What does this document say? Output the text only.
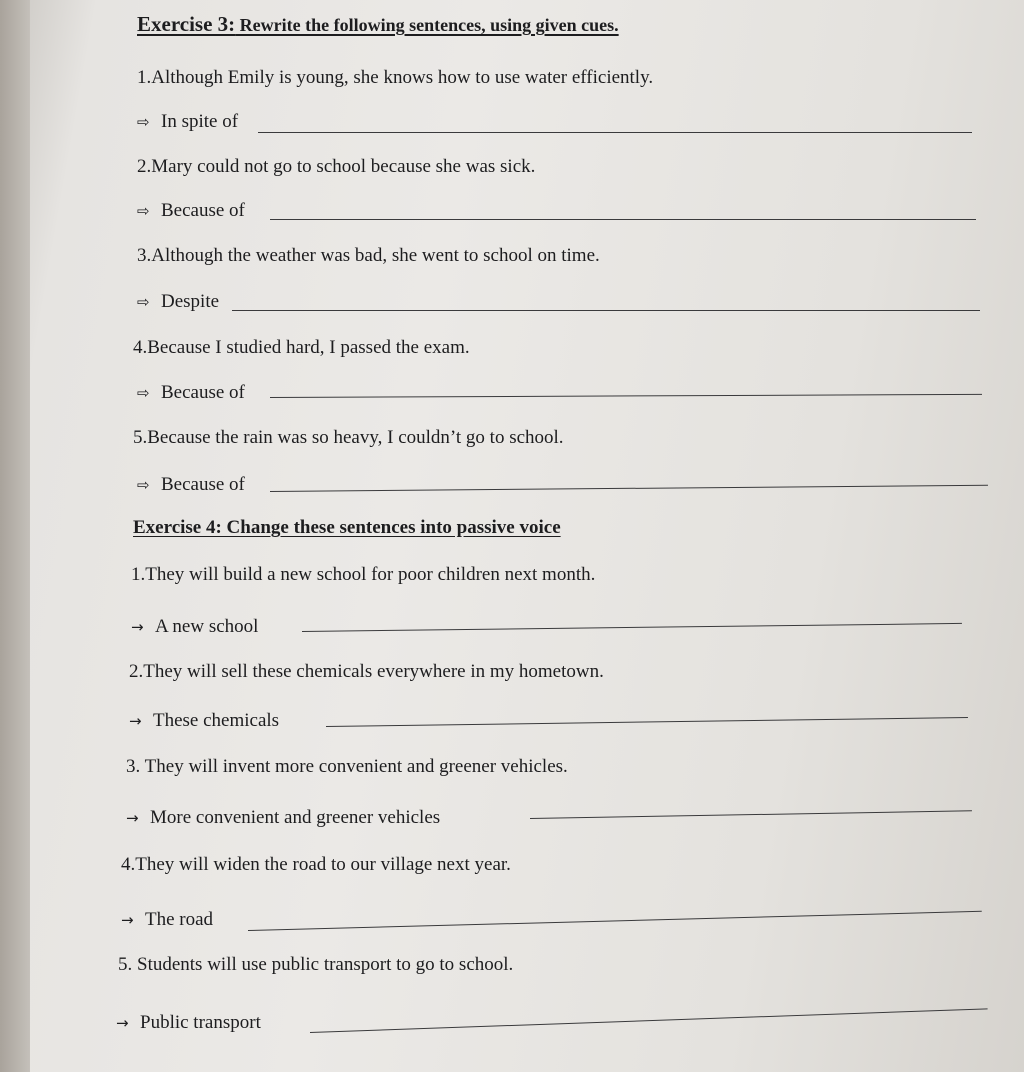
Exercise 3: Rewrite the following sentences, using given cues.
1.Although Emily is young, she knows how to use water efficiently.
⇨ In spite of
2.Mary could not go to school because she was sick.
⇨ Because of
3.Although the weather was bad, she went to school on time.
⇨ Despite
4.Because I studied hard, I passed the exam.
⇨ Because of
5.Because the rain was so heavy, I couldn’t go to school.
⇨ Because of
Exercise 4: Change these sentences into passive voice
1.They will build a new school for poor children next month.
→ A new school
2.They will sell these chemicals everywhere in my hometown.
→ These chemicals
3. They will invent more convenient and greener vehicles.
→ More convenient and greener vehicles
4.They will widen the road to our village next year.
→ The road
5. Students will use public transport to go to school.
→ Public transport
